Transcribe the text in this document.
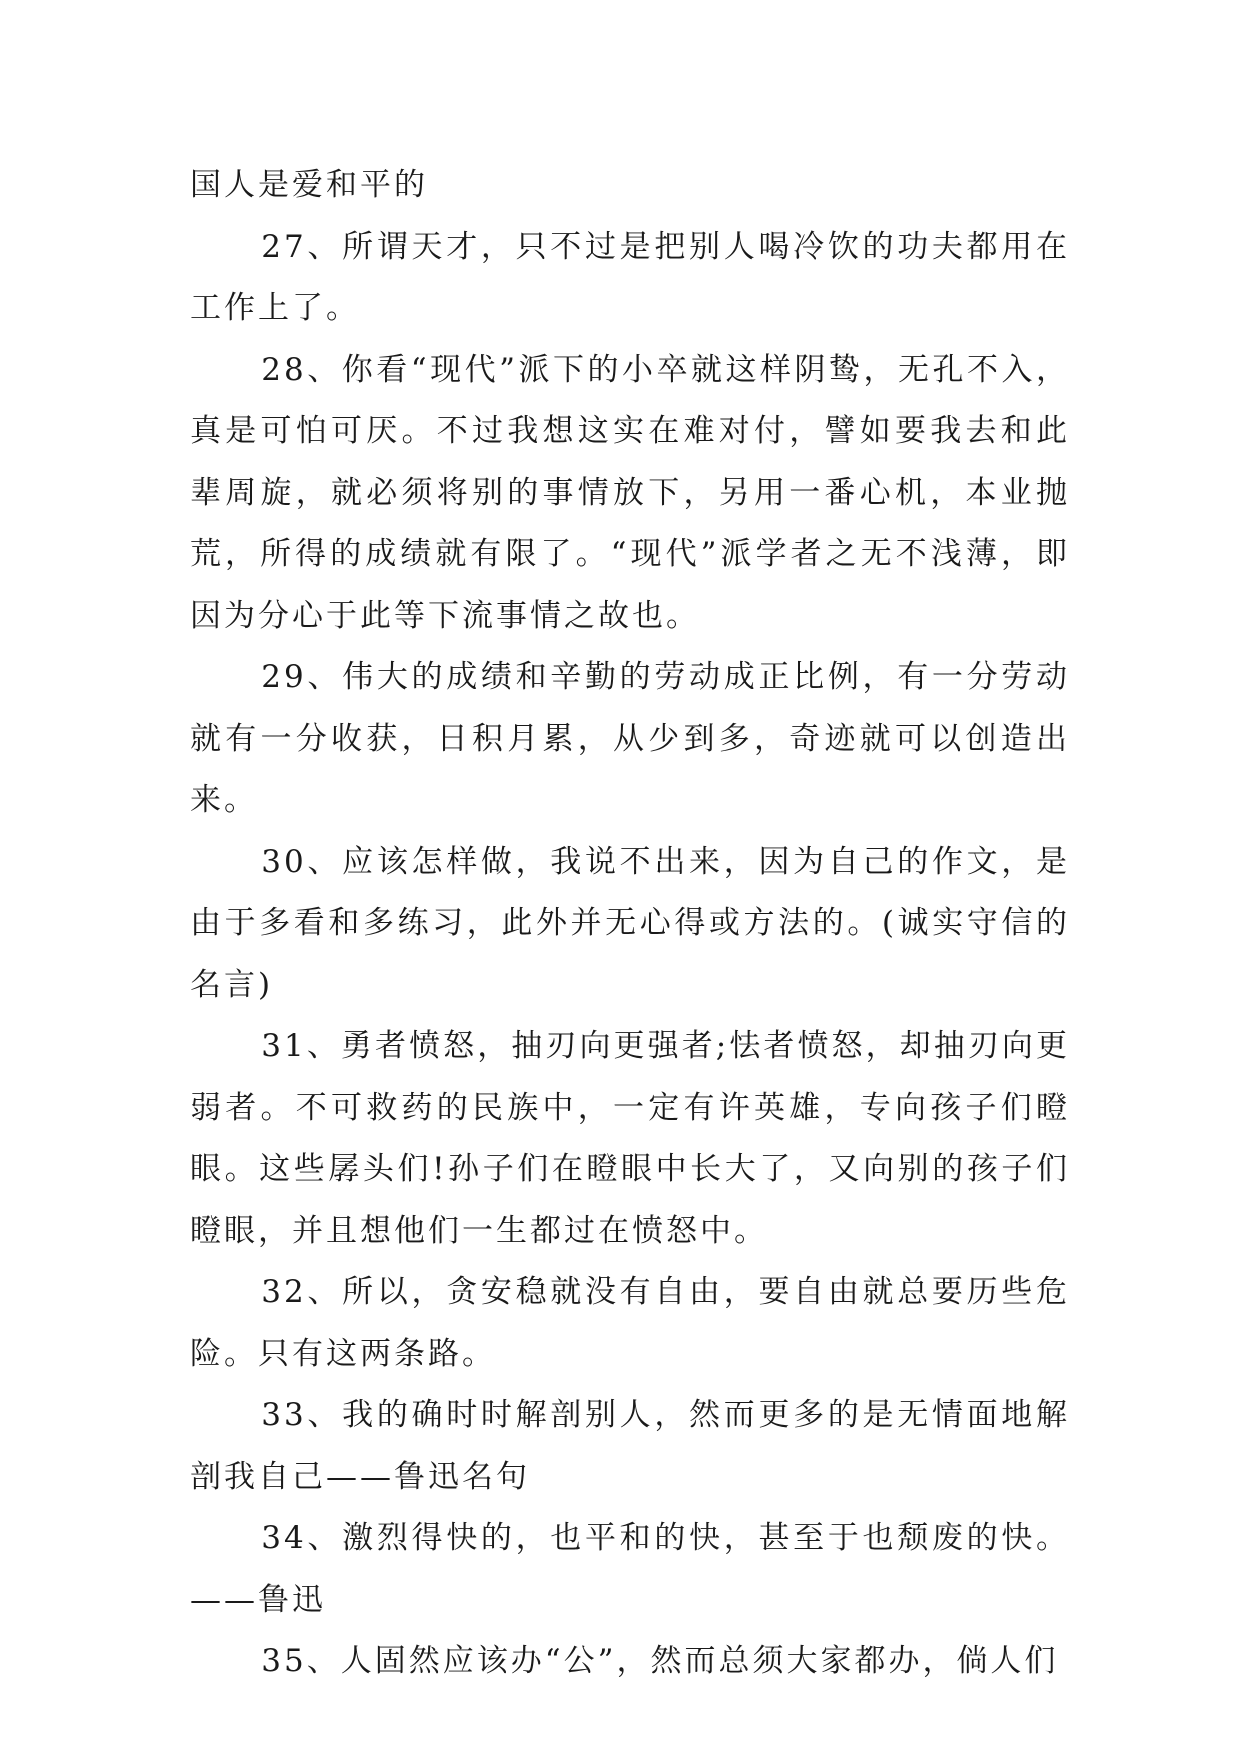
国人是爱和平的

27、所谓天才，只不过是把别人喝冷饮的功夫都用在工作上了。

28、你看“现代”派下的小卒就这样阴鸷，无孔不入，真是可怕可厌。不过我想这实在难对付，譬如要我去和此辈周旋，就必须将别的事情放下，另用一番心机，本业抛荒，所得的成绩就有限了。“现代”派学者之无不浅薄，即因为分心于此等下流事情之故也。

29、伟大的成绩和辛勤的劳动成正比例，有一分劳动就有一分收获，日积月累，从少到多，奇迹就可以创造出来。

30、应该怎样做，我说不出来，因为自己的作文，是由于多看和多练习，此外并无心得或方法的。(诚实守信的名言)

31、勇者愤怒，抽刃向更强者;怯者愤怒，却抽刃向更弱者。不可救药的民族中，一定有许英雄，专向孩子们瞪眼。这些孱头们!孙子们在瞪眼中长大了，又向别的孩子们瞪眼，并且想他们一生都过在愤怒中。

32、所以，贪安稳就没有自由，要自由就总要历些危险。只有这两条路。

33、我的确时时解剖别人，然而更多的是无情面地解剖我自己——鲁迅名句

34、激烈得快的，也平和的快，甚至于也颓废的快。——鲁迅

35、人固然应该办“公”，然而总须大家都办，倘人们
